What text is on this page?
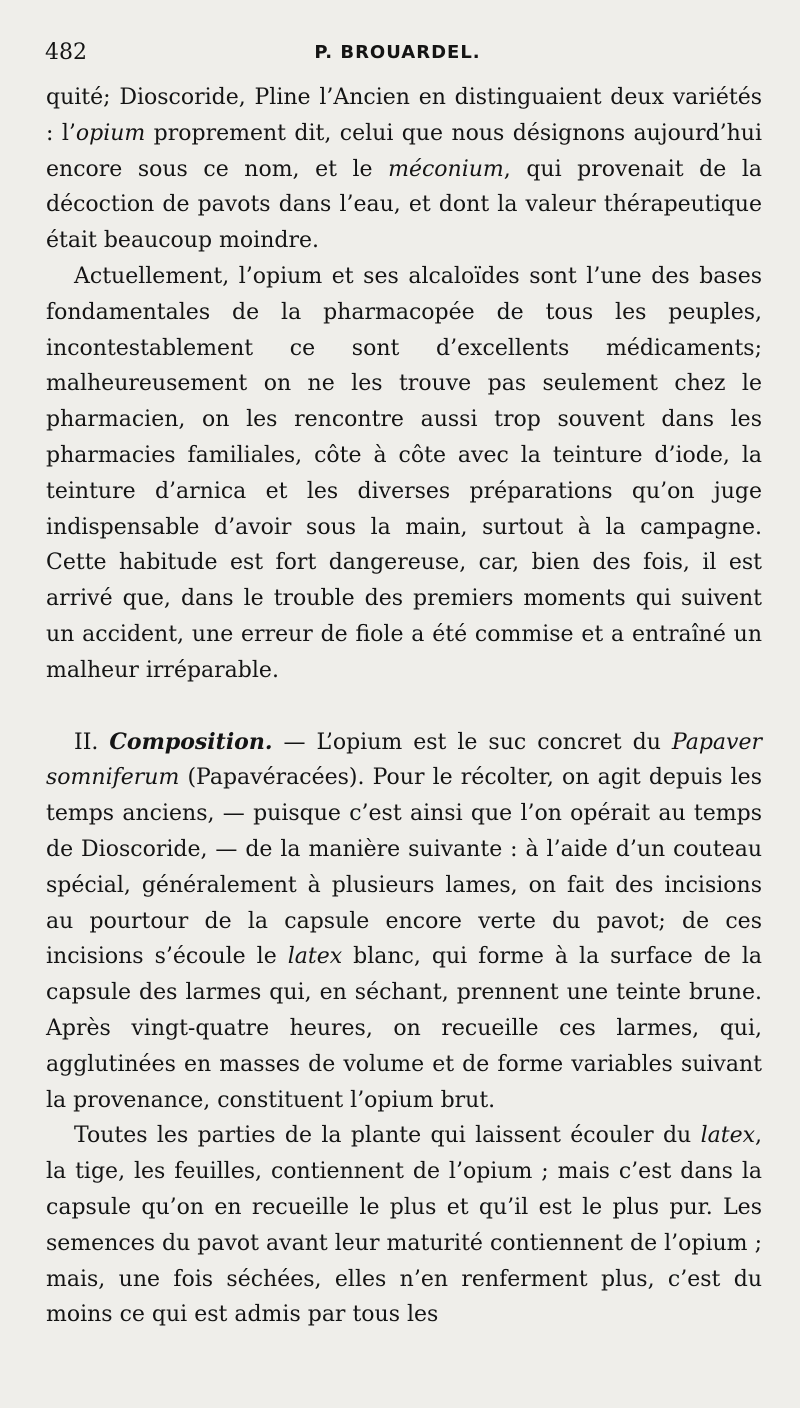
482	P. BROUARDEL.

quité; Dioscoride, Pline l’Ancien en distinguaient deux variétés : l’opium proprement dit, celui que nous désignons aujourd’hui encore sous ce nom, et le méconium, qui provenait de la décoction de pavots dans l’eau, et dont la valeur thérapeutique était beaucoup moindre.

Actuellement, l’opium et ses alcaloïdes sont l’une des bases fondamentales de la pharmacopée de tous les peuples, incontestablement ce sont d’excellents médicaments; malheureusement on ne les trouve pas seulement chez le pharmacien, on les rencontre aussi trop souvent dans les pharmacies familiales, côte à côte avec la teinture d’iode, la teinture d’arnica et les diverses préparations qu’on juge indispensable d’avoir sous la main, surtout à la campagne. Cette habitude est fort dangereuse, car, bien des fois, il est arrivé que, dans le trouble des premiers moments qui suivent un accident, une erreur de fiole a été commise et a entraîné un malheur irréparable.

II. Composition. — L’opium est le suc concret du Papaver somniferum (Papavéracées). Pour le récolter, on agit depuis les temps anciens, — puisque c’est ainsi que l’on opérait au temps de Dioscoride, — de la manière suivante : à l’aide d’un couteau spécial, généralement à plusieurs lames, on fait des incisions au pourtour de la capsule encore verte du pavot; de ces incisions s’écoule le latex blanc, qui forme à la surface de la capsule des larmes qui, en séchant, prennent une teinte brune. Après vingt-quatre heures, on recueille ces larmes, qui, agglutinées en masses de volume et de forme variables suivant la provenance, constituent l’opium brut.

Toutes les parties de la plante qui laissent écouler du latex, la tige, les feuilles, contiennent de l’opium ; mais c’est dans la capsule qu’on en recueille le plus et qu’il est le plus pur. Les semences du pavot avant leur maturité contiennent de l’opium ; mais, une fois séchées, elles n’en renferment plus, c’est du moins ce qui est admis par tous les
